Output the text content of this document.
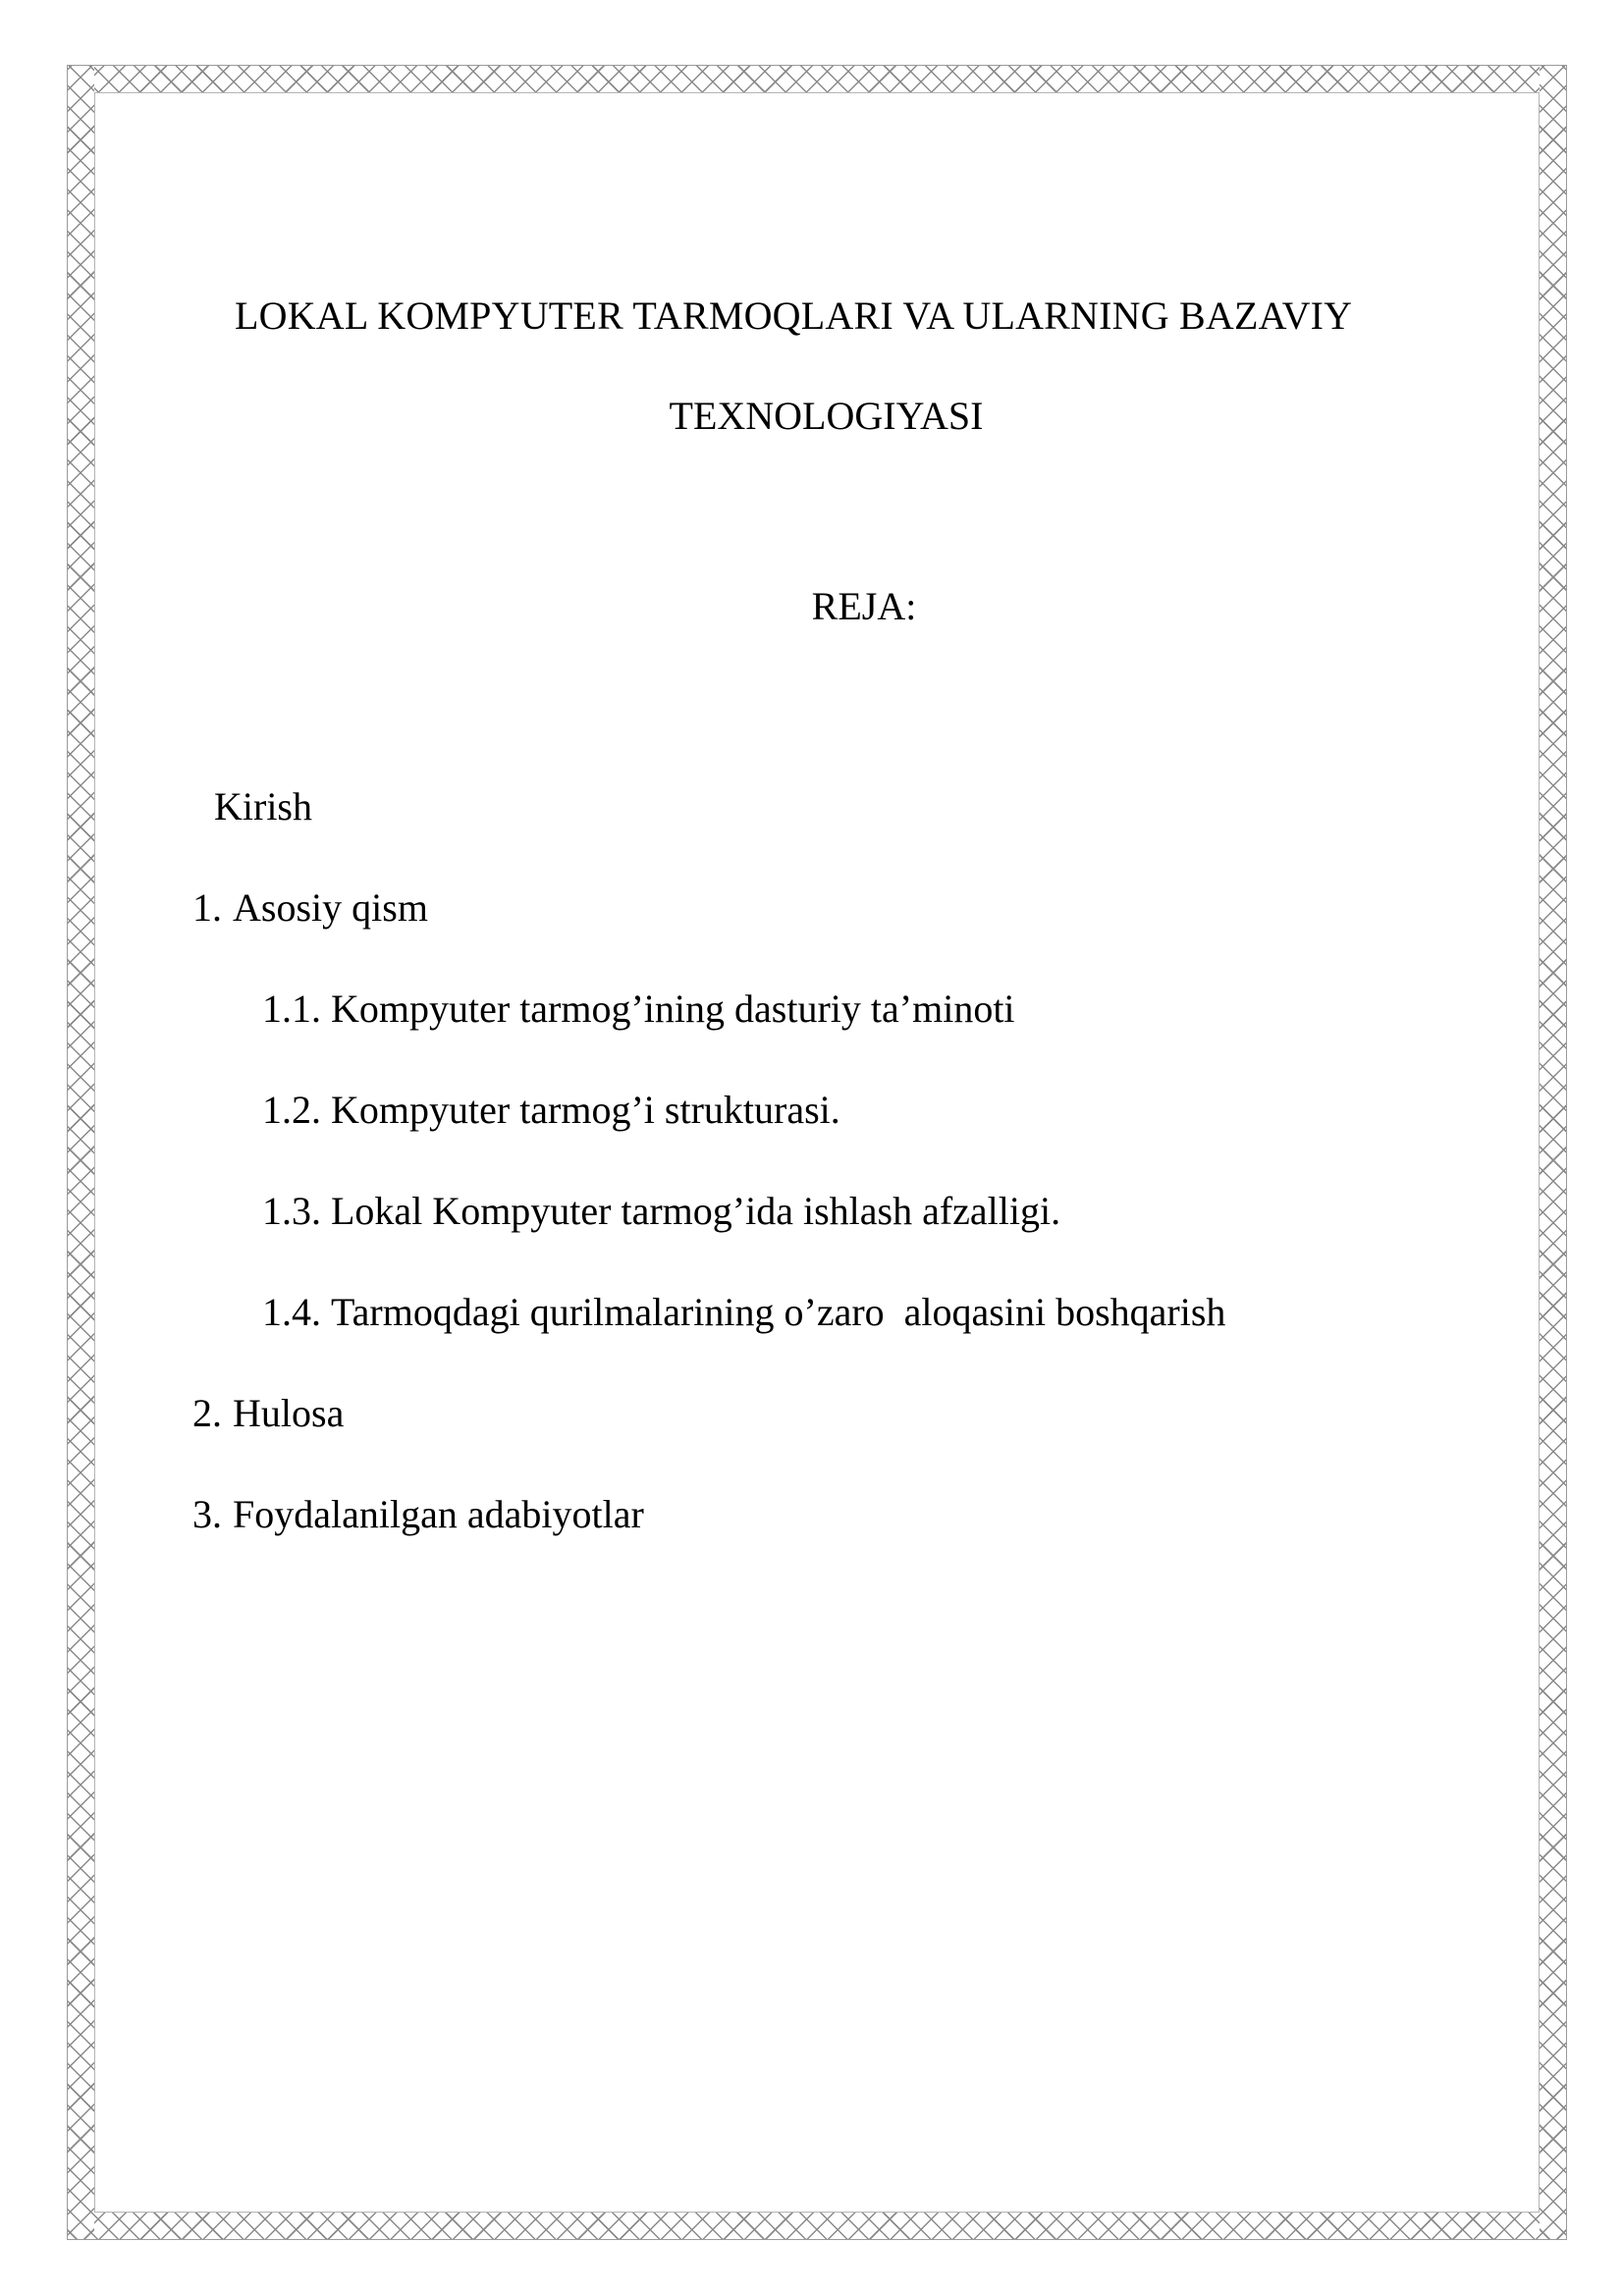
LOKAL KOMPYUTER TARMOQLARI VA ULARNING BAZAVIY
TEXNOLOGIYASI
REJA:
Kirish
1. Asosiy qism
1.1. Kompyuter tarmog’ining dasturiy ta’minoti
1.2. Kompyuter tarmog’i strukturasi.
1.3. Lokal Kompyuter tarmog’ida ishlash afzalligi.
1.4. Tarmoqdagi qurilmalarining o’zaro  aloqasini boshqarish
2. Hulosa
3. Foydalanilgan adabiyotlar
